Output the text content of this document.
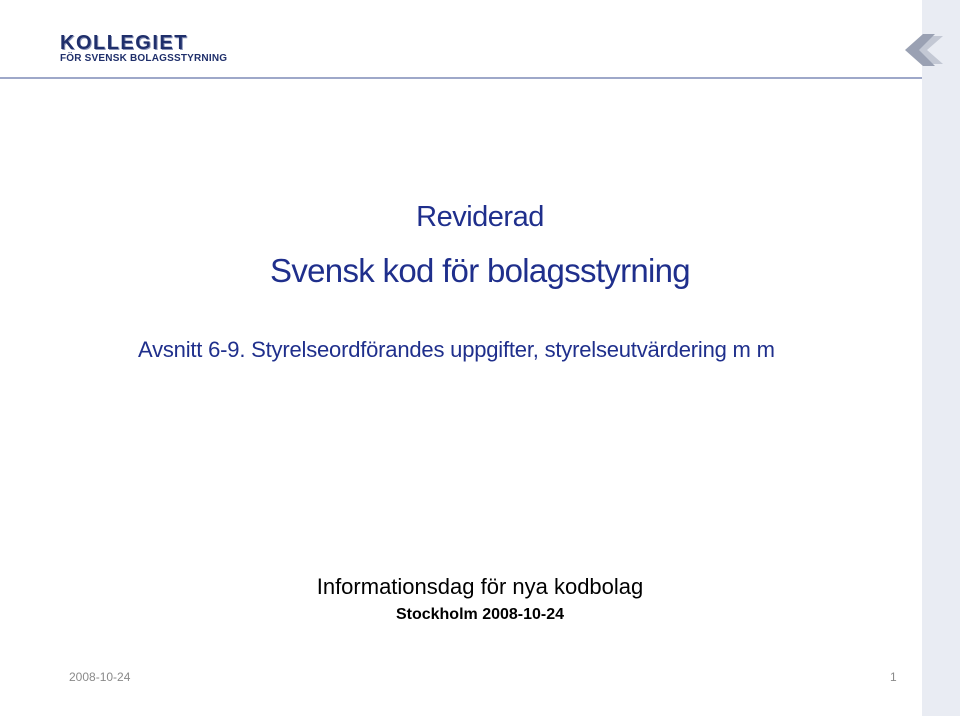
KOLLEGIET
FÖR SVENSK BOLAGSSTYRNING
Reviderad
Svensk kod för bolagsstyrning
Avsnitt 6-9. Styrelseordförandes uppgifter, styrelseutvärdering m m
Informationsdag för nya kodbolag
Stockholm 2008-10-24
2008-10-24	1
